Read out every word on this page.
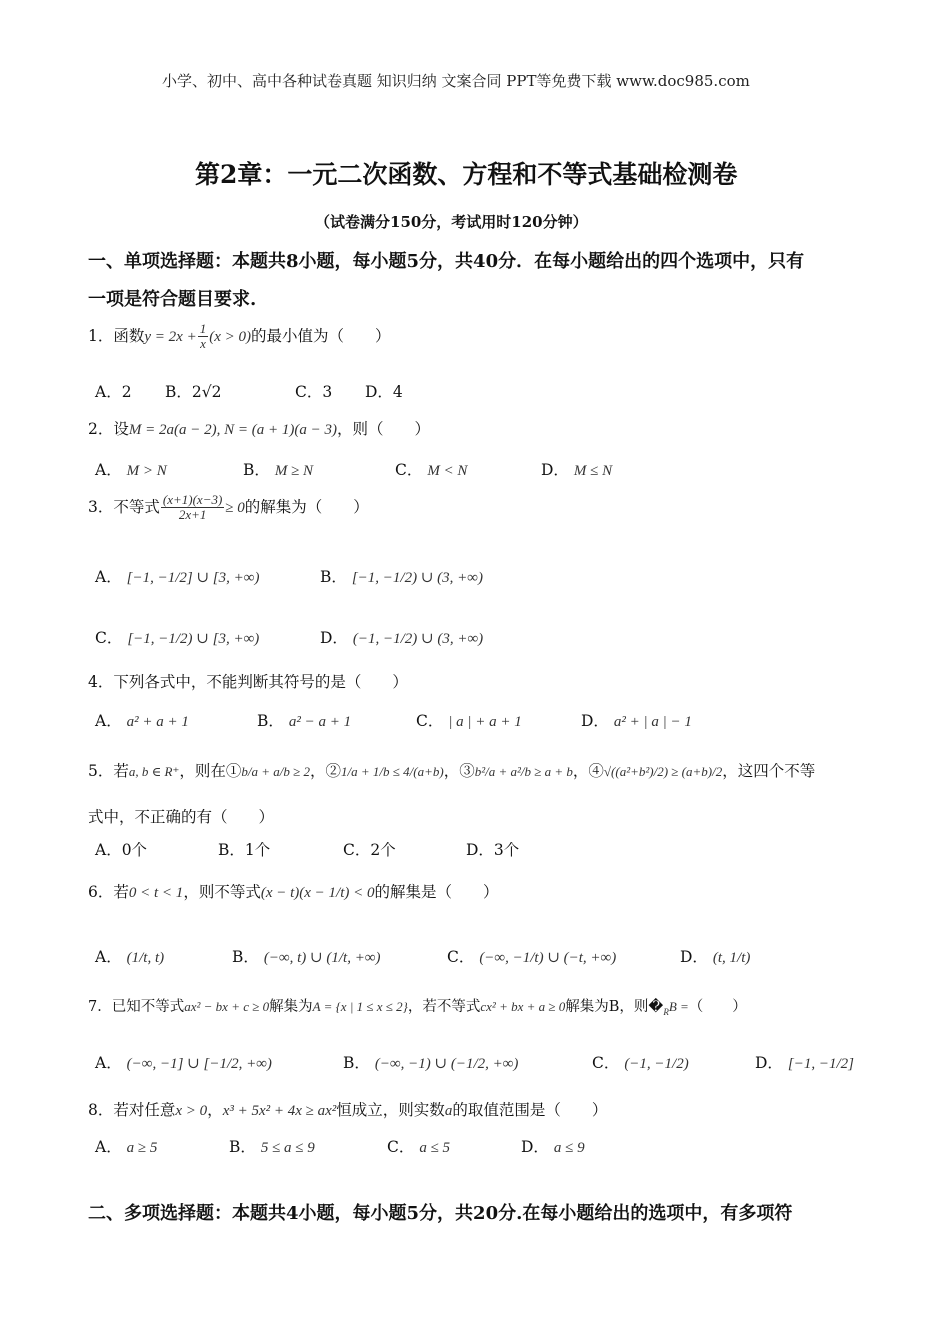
小学、初中、高中各种试卷真题 知识归纳 文案合同 PPT等免费下载 www.doc985.com
第2章：一元二次函数、方程和不等式基础检测卷
（试卷满分150分，考试用时120分钟）
一、单项选择题：本题共8小题，每小题5分，共40分．在每小题给出的四个选项中，只有
一项是符合题目要求.
1．函数$y = 2x + \frac{1}{x} (x > 0)$的最小值为（　　）
A．2 B．2√2	C．3 D．4
2．设M = 2a(a − 2), N = (a + 1)(a − 3)，则（　　）
A． M > N	B． M ≥ N	C． M < N	D． M ≤ N
3．不等式 $\frac{(x+1)(x-3)}{2x+1} \ge 0$的解集为（　　）
A． [−1, −1/2] ∪ [3, +∞)	B． [−1, −1/2) ∪ (3, +∞)
C． [−1, −1/2) ∪ [3, +∞)	D． (−1, −1/2) ∪ (3, +∞)
4．下列各式中，不能判断其符号的是（　　）
A． a² + a + 1	B． a² − a + 1	C． | a | + a + 1	D． a² + | a | − 1
5．若a, b ∈ R⁺，则在①b/a + a/b ≥ 2，②1/a + 1/b ≤ 4/(a+b)，③b²/a + a²/b ≥ a + b，④√((a²+b²)/2) ≥ (a+b)/2，这四个不等
式中，不正确的有（　　）
A．0个	B．1个	C．2个	D．3个
6．若0 < t < 1，则不等式(x − t)(x − 1/t) < 0的解集是（　　）
A． (1/t, t)	B． (−∞, t) ∪ (1/t, +∞)	C． (−∞, −1/t) ∪ (−t, +∞)	D． (t, 1/t)
7．已知不等式ax² − bx + c ≥ 0解集为A = {x | 1 ≤ x ≤ 2}，若不等式cx² + bx + a ≥ 0解集为B，则$�_RB$ =（　　）
A． (−∞, −1] ∪ [−1/2, +∞)	B． (−∞, −1) ∪ (−1/2, +∞)	C． (−1, −1/2)	D． [−1, −1/2]
8．若对任意x > 0，x³ + 5x² + 4x ≥ ax²恒成立，则实数a的取值范围是（　　）
A． a ≥ 5	B． 5 ≤ a ≤ 9	C． a ≤ 5	D． a ≤ 9
二、多项选择题：本题共4小题，每小题5分，共20分.在每小题给出的选项中，有多项符
